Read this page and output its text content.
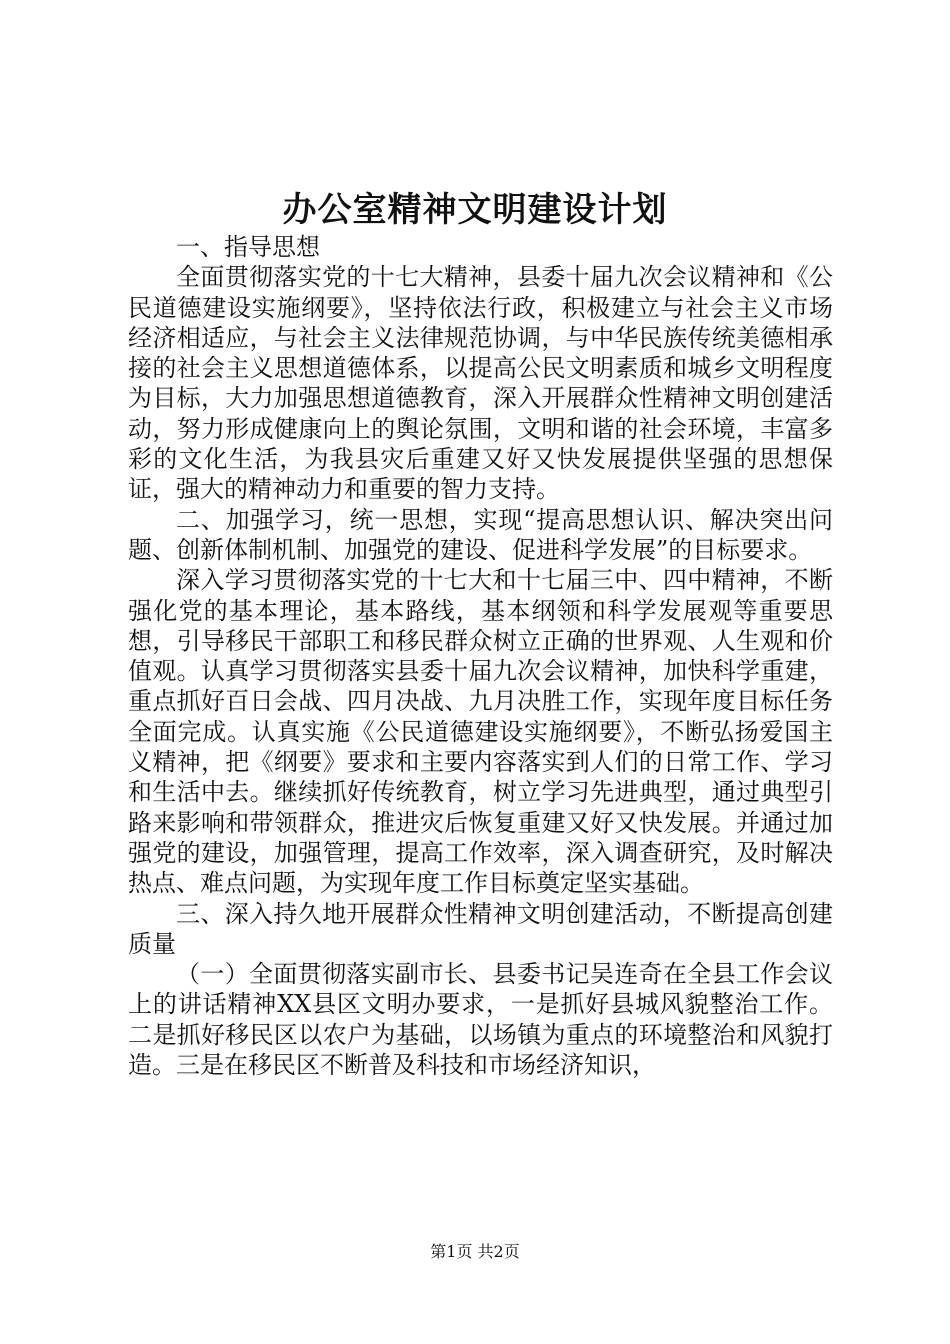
办公室精神文明建设计划

一、指导思想

全面贯彻落实党的十七大精神，县委十届九次会议精神和《公民道德建设实施纲要》，坚持依法行政，积极建立与社会主义市场经济相适应，与社会主义法律规范协调，与中华民族传统美德相承接的社会主义思想道德体系，以提高公民文明素质和城乡文明程度为目标，大力加强思想道德教育，深入开展群众性精神文明创建活动，努力形成健康向上的舆论氛围，文明和谐的社会环境，丰富多彩的文化生活，为我县灾后重建又好又快发展提供坚强的思想保证，强大的精神动力和重要的智力支持。

二、加强学习，统一思想，实现“提高思想认识、解决突出问题、创新体制机制、加强党的建设、促进科学发展”的目标要求。

深入学习贯彻落实党的十七大和十七届三中、四中精神，不断强化党的基本理论，基本路线，基本纲领和科学发展观等重要思想，引导移民干部职工和移民群众树立正确的世界观、人生观和价值观。认真学习贯彻落实县委十届九次会议精神，加快科学重建，重点抓好百日会战、四月决战、九月决胜工作，实现年度目标任务全面完成。认真实施《公民道德建设实施纲要》，不断弘扬爱国主义精神，把《纲要》要求和主要内容落实到人们的日常工作、学习和生活中去。继续抓好传统教育，树立学习先进典型，通过典型引路来影响和带领群众，推进灾后恢复重建又好又快发展。并通过加强党的建设，加强管理，提高工作效率，深入调查研究，及时解决热点、难点问题，为实现年度工作目标奠定坚实基础。

三、深入持久地开展群众性精神文明创建活动，不断提高创建质量

（一）全面贯彻落实副市长、县委书记吴连奇在全县工作会议上的讲话精神XX县区文明办要求，一是抓好县城风貌整治工作。二是抓好移民区以农户为基础，以场镇为重点的环境整治和风貌打造。三是在移民区不断普及科技和市场经济知识，

第1页 共2页
